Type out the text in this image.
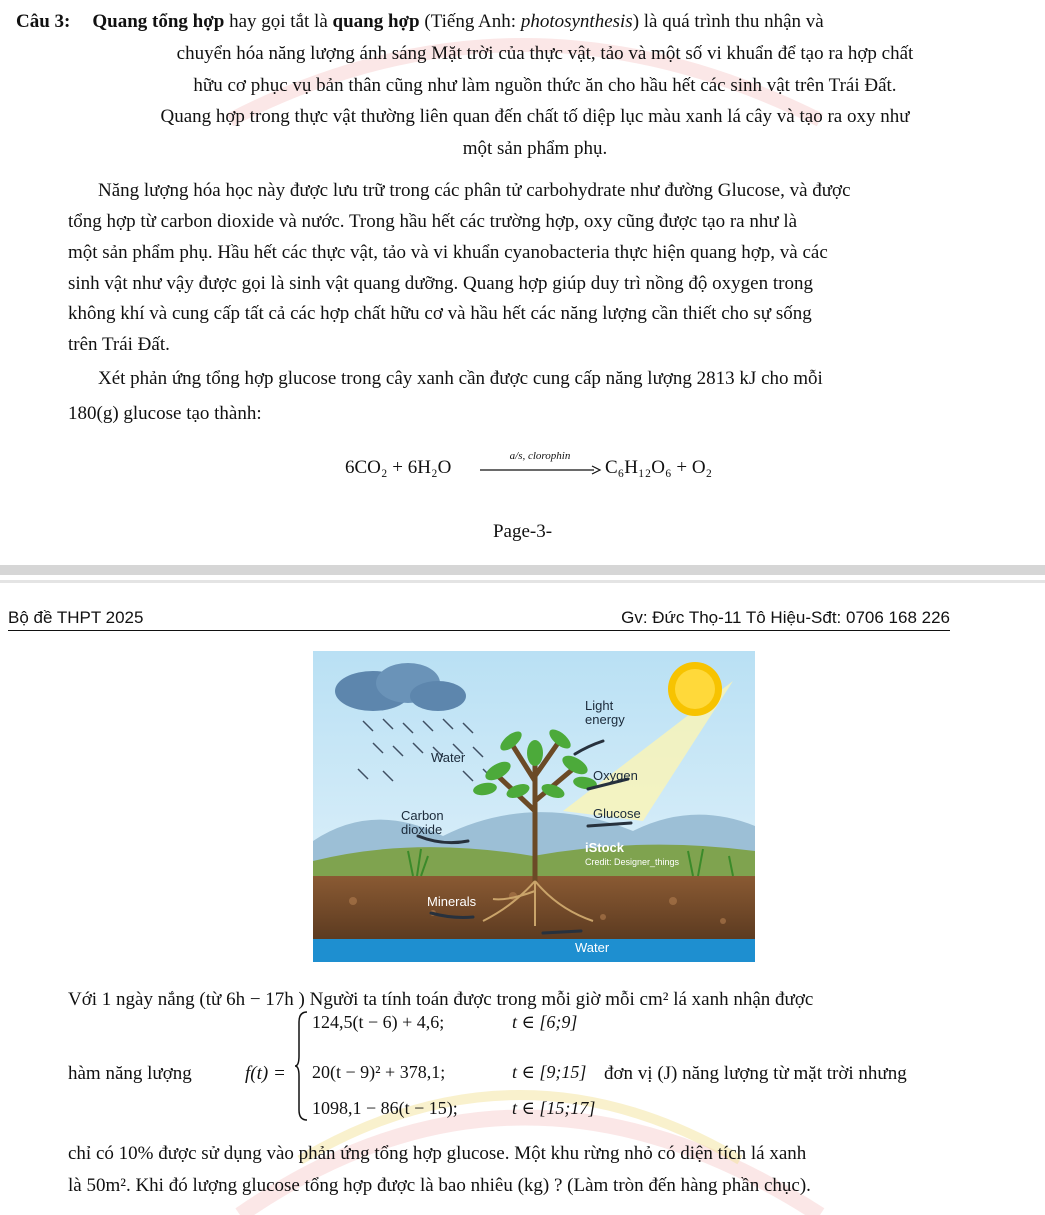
Câu 3: Quang tổng hợp hay gọi tắt là quang hợp (Tiếng Anh: photosynthesis) là quá trình thu nhận và
chuyển hóa năng lượng ánh sáng Mặt trời của thực vật, tảo và một số vi khuẩn để tạo ra hợp chất
hữu cơ phục vụ bản thân cũng như làm nguồn thức ăn cho hầu hết các sinh vật trên Trái Đất.
Quang hợp trong thực vật thường liên quan đến chất tố diệp lục màu xanh lá cây và tạo ra oxy như
một sản phẩm phụ.
Năng lượng hóa học này được lưu trữ trong các phân tử carbohydrate như đường Glucose, và được
tổng hợp từ carbon dioxide và nước. Trong hầu hết các trường hợp, oxy cũng được tạo ra như là
một sản phẩm phụ. Hầu hết các thực vật, tảo và vi khuẩn cyanobacteria thực hiện quang hợp, và các
sinh vật như vậy được gọi là sinh vật quang dưỡng. Quang hợp giúp duy trì nồng độ oxygen trong
không khí và cung cấp tất cả các hợp chất hữu cơ và hầu hết các năng lượng cần thiết cho sự sống
trên Trái Đất.
Xét phản ứng tổng hợp glucose trong cây xanh cần được cung cấp năng lượng 2813 kJ cho mỗi
180(g) glucose tạo thành:
6CO₂ + 6H₂O
a/s, clorophin
C₆H₁₂O₆ + O₂
Page-3-
Bộ đề THPT 2025	Gv: Đức Thọ-11 Tô Hiệu-Sđt: 0706 168 226
Light
energy
Water
Oxygen
Carbon
dioxide
Glucose
iStock
Credit: Designer_things
Minerals
Water
Với 1 ngày nắng (từ 6h − 17h ) Người ta tính toán được trong mỗi giờ mỗi cm² lá xanh nhận được
hàm năng lượng	f(t) =
124,5(t − 6) + 4,6;	t ∈ [6;9]
20(t − 9)² + 378,1;	t ∈ [9;15]
1098,1 − 86(t − 15);	t ∈ [15;17]
đơn vị (J) năng lượng từ mặt trời nhưng
chỉ có 10% được sử dụng vào phản ứng tổng hợp glucose. Một khu rừng nhỏ có diện tích lá xanh
là 50m². Khi đó lượng glucose tổng hợp được là bao nhiêu (kg) ? (Làm tròn đến hàng phần chục).
